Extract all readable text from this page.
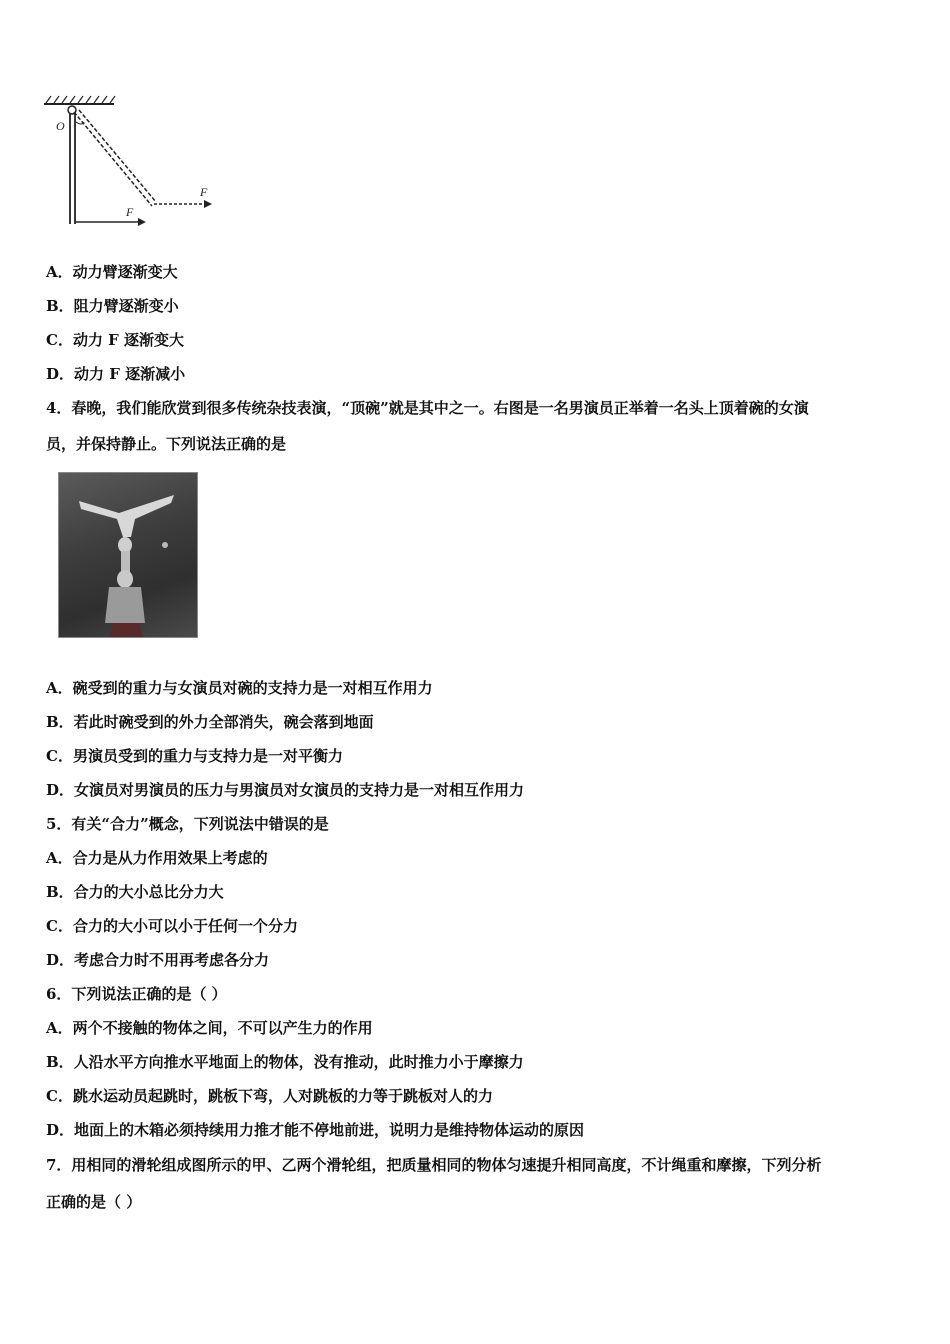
O
F
F
A．动力臂逐渐变大
B．阻力臂逐渐变小
C．动力 F 逐渐变大
D．动力 F 逐渐减小
4．春晚，我们能欣赏到很多传统杂技表演，“顶碗”就是其中之一。右图是一名男演员正举着一名头上顶着碗的女演
员，并保持静止。下列说法正确的是
A．碗受到的重力与女演员对碗的支持力是一对相互作用力
B．若此时碗受到的外力全部消失，碗会落到地面
C．男演员受到的重力与支持力是一对平衡力
D．女演员对男演员的压力与男演员对女演员的支持力是一对相互作用力
5．有关“合力”概念，下列说法中错误的是
A．合力是从力作用效果上考虑的
B．合力的大小总比分力大
C．合力的大小可以小于任何一个分力
D．考虑合力时不用再考虑各分力
6．下列说法正确的是（ ）
A．两个不接触的物体之间，不可以产生力的作用
B．人沿水平方向推水平地面上的物体，没有推动，此时推力小于摩擦力
C．跳水运动员起跳时，跳板下弯，人对跳板的力等于跳板对人的力
D．地面上的木箱必须持续用力推才能不停地前进，说明力是维持物体运动的原因
7．用相同的滑轮组成图所示的甲、乙两个滑轮组，把质量相同的物体匀速提升相同高度，不计绳重和摩擦，下列分析
正确的是（ ）
